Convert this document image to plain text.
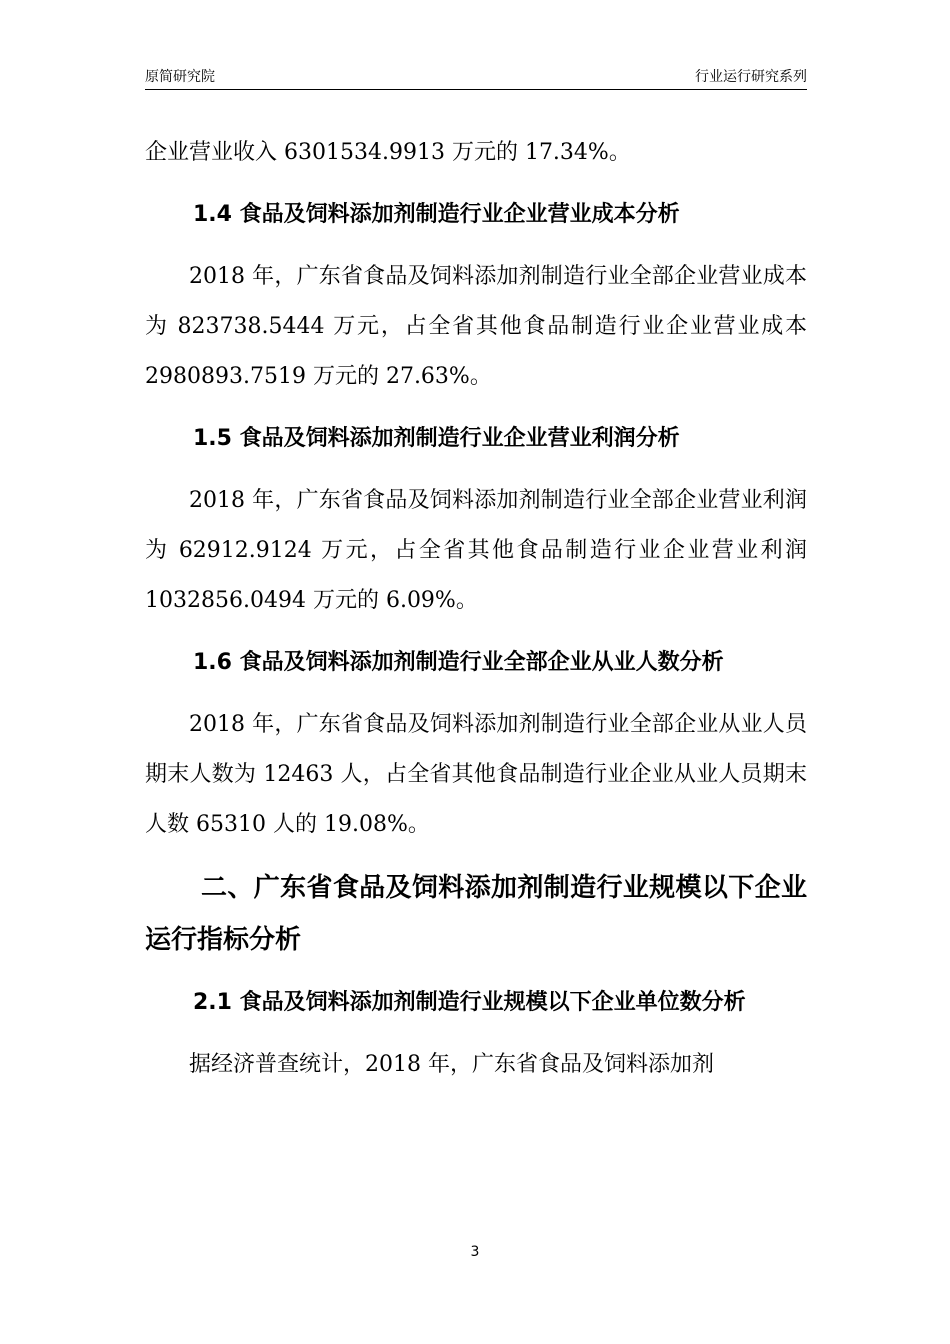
原简研究院	行业运行研究系列

企业营业收入 6301534.9913 万元的 17.34%。

1.4 食品及饲料添加剂制造行业企业营业成本分析

2018 年，广东省食品及饲料添加剂制造行业全部企业营业成本为 823738.5444 万元，占全省其他食品制造行业企业营业成本 2980893.7519 万元的 27.63%。

1.5 食品及饲料添加剂制造行业企业营业利润分析

2018 年，广东省食品及饲料添加剂制造行业全部企业营业利润为 62912.9124 万元，占全省其他食品制造行业企业营业利润 1032856.0494 万元的 6.09%。

1.6 食品及饲料添加剂制造行业全部企业从业人数分析

2018 年，广东省食品及饲料添加剂制造行业全部企业从业人员期末人数为 12463 人，占全省其他食品制造行业企业从业人员期末人数 65310 人的 19.08%。

二、广东省食品及饲料添加剂制造行业规模以下企业运行指标分析
2.1 食品及饲料添加剂制造行业规模以下企业单位数分析

据经济普查统计，2018 年，广东省食品及饲料添加剂

3
